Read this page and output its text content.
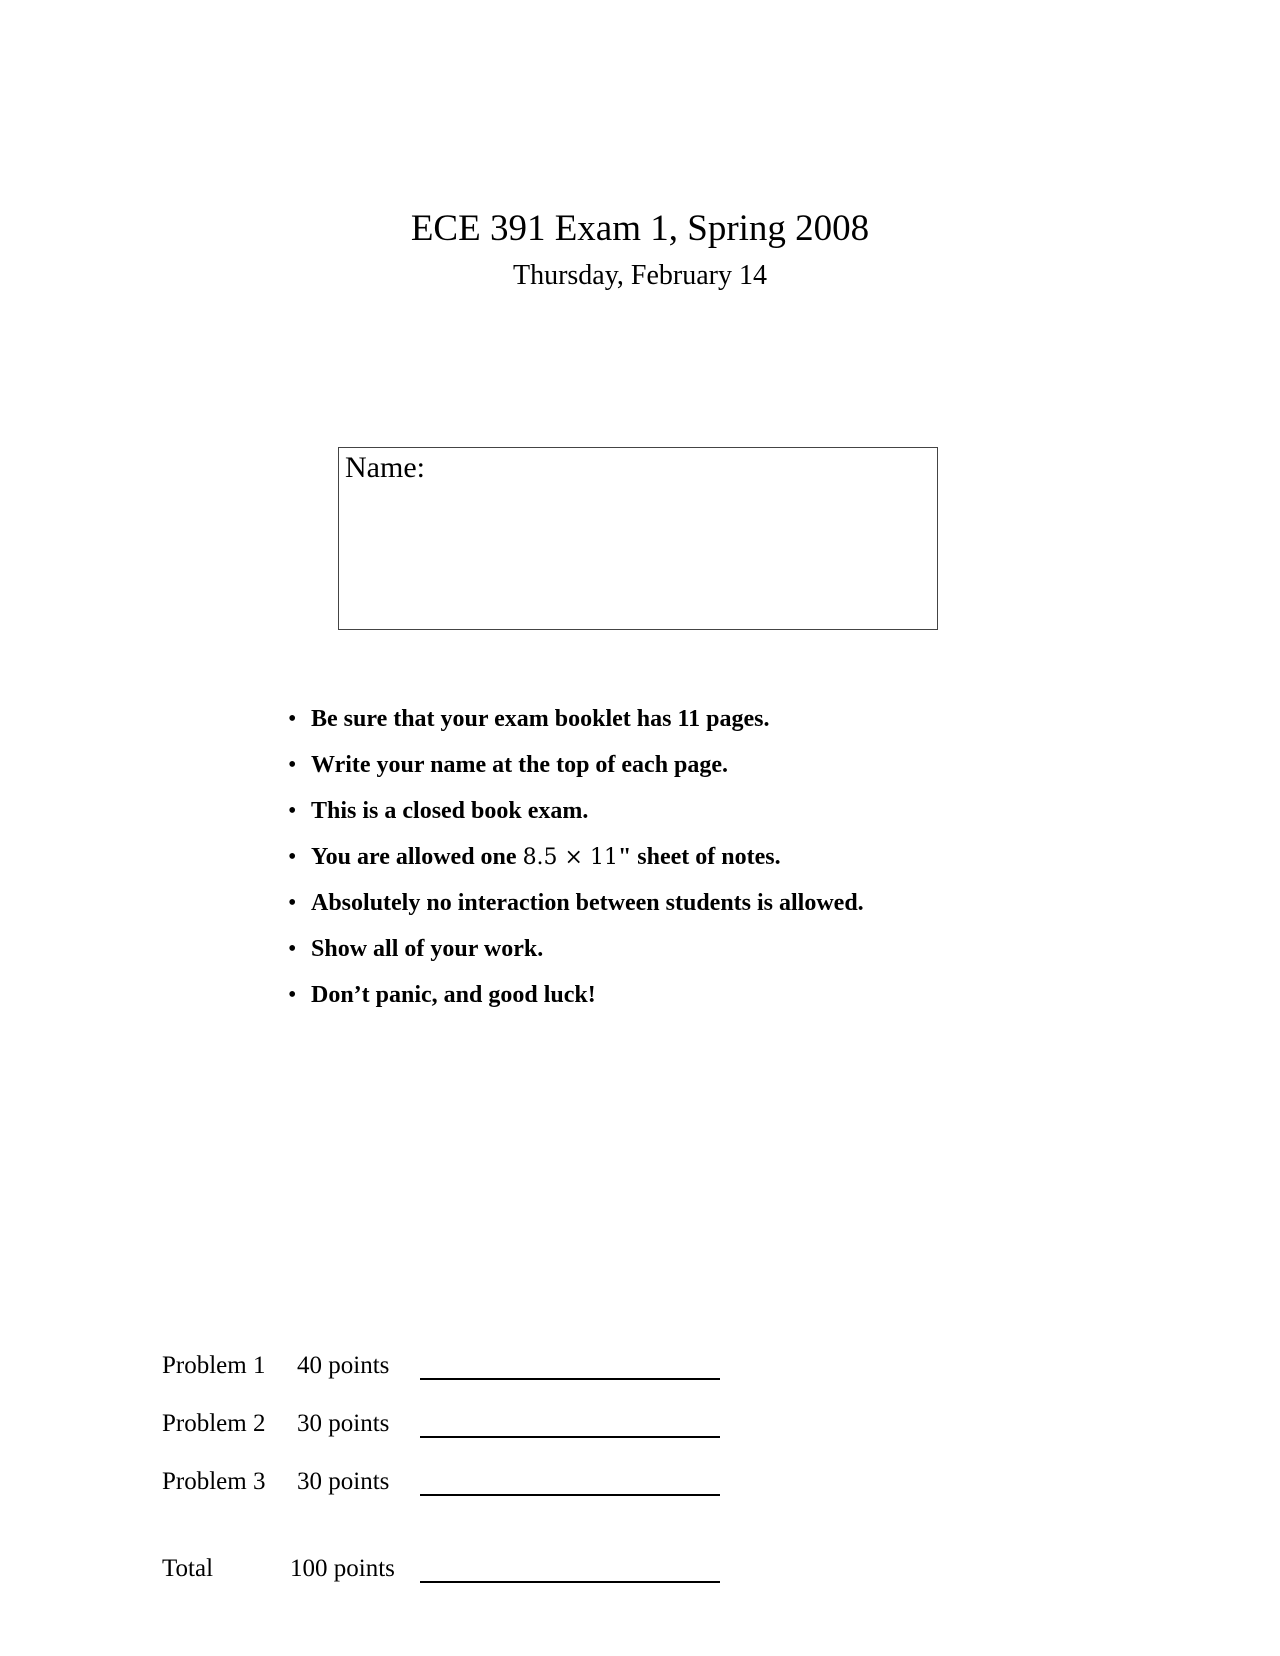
ECE 391 Exam 1, Spring 2008
Thursday, February 14
Name:
• Be sure that your exam booklet has 11 pages.
• Write your name at the top of each page.
• This is a closed book exam.
• You are allowed one 8.5 × 11" sheet of notes.
• Absolutely no interaction between students is allowed.
• Show all of your work.
• Don’t panic, and good luck!
Problem 1 40 points
Problem 2 30 points
Problem 3 30 points
Total	100 points
